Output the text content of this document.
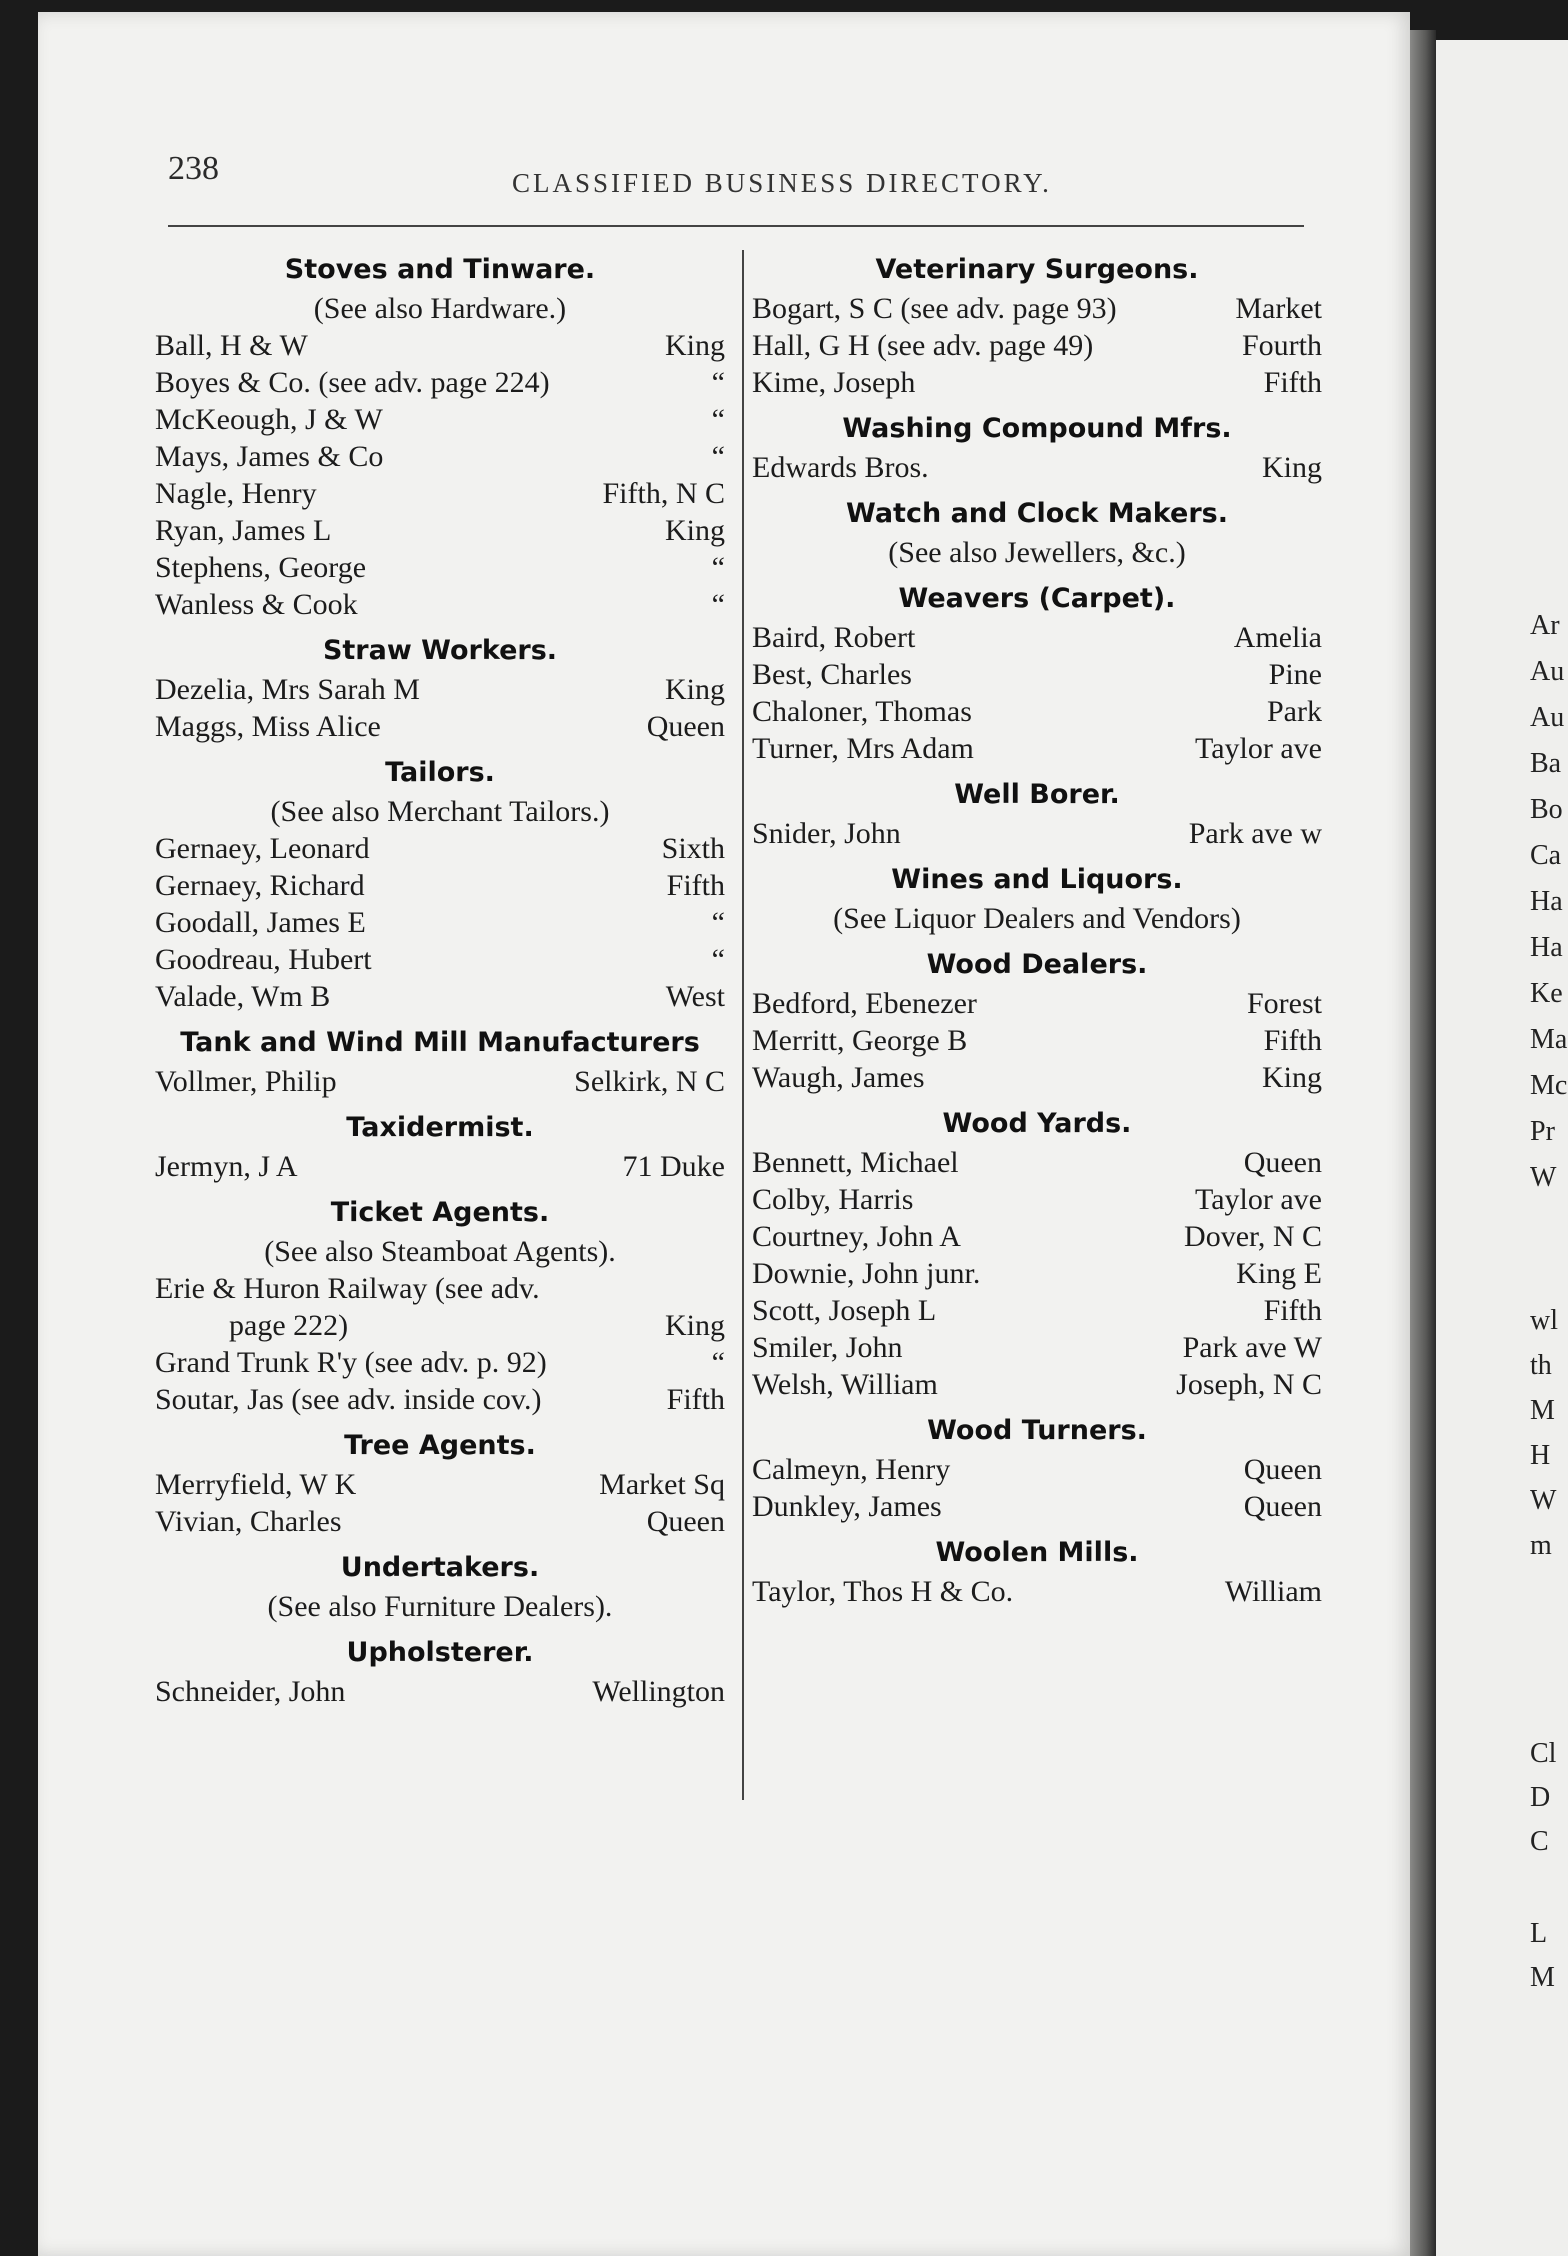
238	CLASSIFIED BUSINESS DIRECTORY.
Stoves and Tinware.
(See also Hardware.)
Ball, H & W	King
Boyes & Co. (see adv. page 224)	“
McKeough, J & W	“
Mays, James & Co	“
Nagle, Henry	Fifth, N C
Ryan, James L	King
Stephens, George	“
Wanless & Cook	“
Straw Workers.
Dezelia, Mrs Sarah M	King
Maggs, Miss Alice	Queen
Tailors.
(See also Merchant Tailors.)
Gernaey, Leonard	Sixth
Gernaey, Richard	Fifth
Goodall, James E	“
Goodreau, Hubert	“
Valade, Wm B	West
Tank and Wind Mill Manufacturers
Vollmer, Philip	Selkirk, N C
Taxidermist.
Jermyn, J A	71 Duke
Ticket Agents.
(See also Steamboat Agents).
Erie & Huron Railway (see adv.
page 222)	King
Grand Trunk R'y (see adv. p. 92)	“
Soutar, Jas (see adv. inside cov.)	Fifth
Tree Agents.
Merryfield, W K	Market Sq
Vivian, Charles	Queen
Undertakers.
(See also Furniture Dealers).
Upholsterer.
Schneider, John	Wellington
Veterinary Surgeons.
Bogart, S C (see adv. page 93)	Market
Hall, G H (see adv. page 49)	Fourth
Kime, Joseph	Fifth
Washing Compound Mfrs.
Edwards Bros.	King
Watch and Clock Makers.
(See also Jewellers, &c.)
Weavers (Carpet).
Baird, Robert	Amelia
Best, Charles	Pine
Chaloner, Thomas	Park
Turner, Mrs Adam	Taylor ave
Well Borer.
Snider, John	Park ave w
Wines and Liquors.
(See Liquor Dealers and Vendors)
Wood Dealers.
Bedford, Ebenezer	Forest
Merritt, George B	Fifth
Waugh, James	King
Wood Yards.
Bennett, Michael	Queen
Colby, Harris	Taylor ave
Courtney, John A	Dover, N C
Downie, John junr.	King E
Scott, Joseph L	Fifth
Smiler, John	Park ave W
Welsh, William	Joseph, N C
Wood Turners.
Calmeyn, Henry	Queen
Dunkley, James	Queen
Woolen Mills.
Taylor, Thos H & Co.	William
Ar
Au
Au
Ba
Bo
Ca
Ha
Ha
Ke
Ma
Mc
Pr
W
wl
th
M
H
W
m
Cl
D
C
L
M
